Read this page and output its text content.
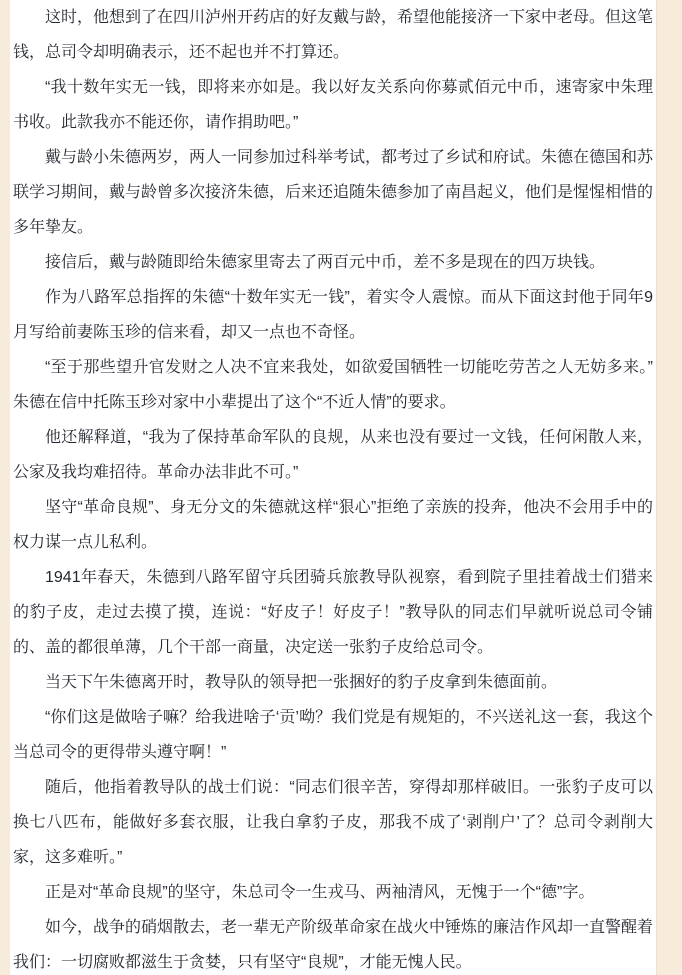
这时，他想到了在四川泸州开药店的好友戴与龄，希望他能接济一下家中老母。但这笔钱，总司令却明确表示，还不起也并不打算还。

“我十数年实无一钱，即将来亦如是。我以好友关系向你募贰佰元中币，速寄家中朱理书收。此款我亦不能还你，请作捐助吧。”

戴与龄小朱德两岁，两人一同参加过科举考试，都考过了乡试和府试。朱德在德国和苏联学习期间，戴与龄曾多次接济朱德，后来还追随朱德参加了南昌起义，他们是惺惺相惜的多年挚友。

接信后，戴与龄随即给朱德家里寄去了两百元中币，差不多是现在的四万块钱。

作为八路军总指挥的朱德“十数年实无一钱”，着实令人震惊。而从下面这封他于同年9月写给前妻陈玉珍的信来看，却又一点也不奇怪。

“至于那些望升官发财之人决不宜来我处，如欲爱国牺牲一切能吃劳苦之人无妨多来。”朱德在信中托陈玉珍对家中小辈提出了这个“不近人情”的要求。

他还解释道，“我为了保持革命军队的良规，从来也没有要过一文钱，任何闲散人来，公家及我均难招待。革命办法非此不可。”

坚守“革命良规”、身无分文的朱德就这样“狠心”拒绝了亲族的投奔，他决不会用手中的权力谋一点儿私利。

1941年春天，朱德到八路军留守兵团骑兵旅教导队视察，看到院子里挂着战士们猎来的豹子皮，走过去摸了摸，连说：“好皮子！好皮子！”教导队的同志们早就听说总司令铺的、盖的都很单薄，几个干部一商量，决定送一张豹子皮给总司令。

当天下午朱德离开时，教导队的领导把一张捆好的豹子皮拿到朱德面前。

“你们这是做啥子嘛？给我进啥子‘贡’呦？我们党是有规矩的，不兴送礼这一套，我这个当总司令的更得带头遵守啊！”

随后，他指着教导队的战士们说：“同志们很辛苦，穿得却那样破旧。一张豹子皮可以换七八匹布，能做好多套衣服，让我白拿豹子皮，那我不成了‘剥削户’了？总司令剥削大家，这多难听。”

正是对“革命良规”的坚守，朱总司令一生戎马、两袖清风，无愧于一个“德”字。

如今，战争的硝烟散去，老一辈无产阶级革命家在战火中锤炼的廉洁作风却一直警醒着我们：一切腐败都滋生于贪婪，只有坚守“良规”，才能无愧人民。
